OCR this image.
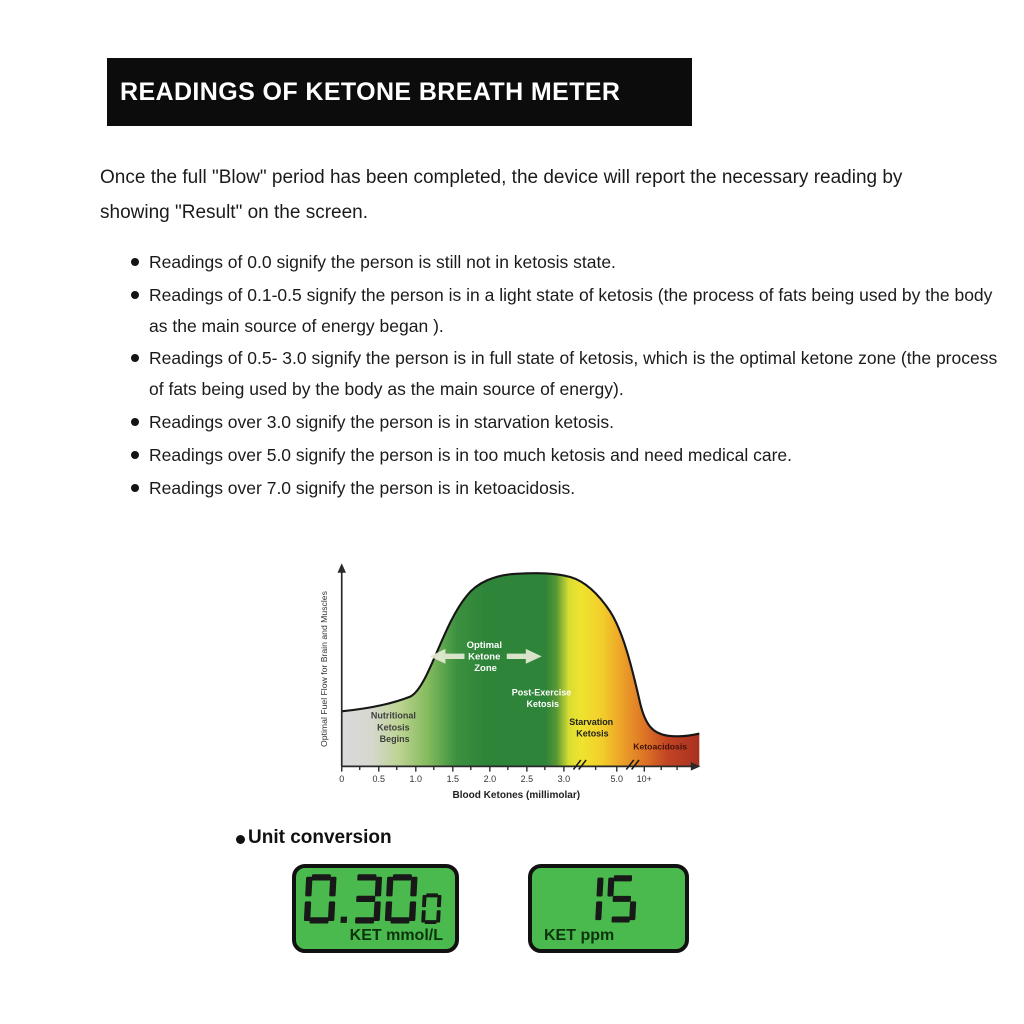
READINGS OF KETONE BREATH METER
Once the full "Blow" period has been completed, the device will report the necessary reading by showing "Result" on the screen.
Readings of 0.0 signify the person is still not in ketosis state.
Readings of 0.1-0.5 signify the person is in a light state of ketosis (the process of fats being used by the body as the main source of energy began ).
Readings of 0.5- 3.0 signify the person is in full state of ketosis, which is the optimal ketone zone (the process of fats being used by the body as the main source of energy).
Readings over 3.0 signify the person is in starvation ketosis.
Readings over 5.0 signify the person is in too much ketosis and need medical care.
Readings over 7.0 signify the person is in ketoacidosis.
0	0.5	1.0	1.5	2.0	2.5	3.0	5.0 10+
Blood Ketones (millimolar)
Optimal Fuel Flow for Brain and Muscles	Nutritional Ketosis Begins
Optimal Ketone Zone
Post-Exercise Ketosis
Starvation Ketosis
Ketoacidosis
Unit conversion
KET mmol/L	KET ppm
